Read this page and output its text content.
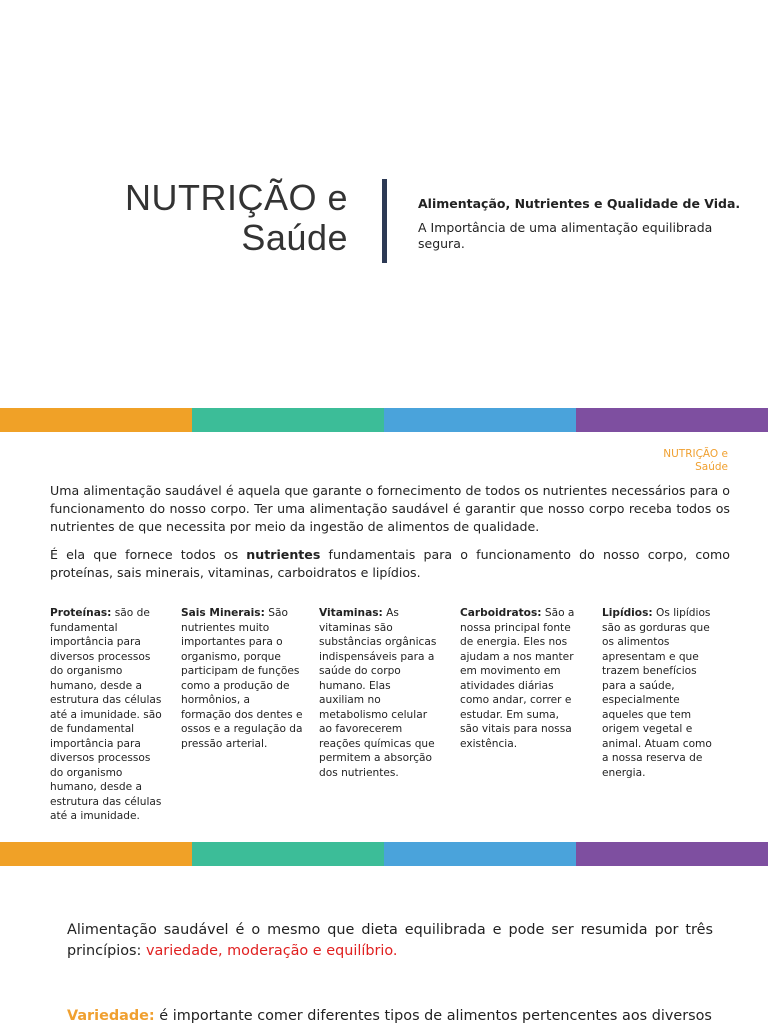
NUTRIÇÃO e
Saúde
Alimentação, Nutrientes e Qualidade de Vida.
A Importância de uma alimentação equilibrada segura.
NUTRIÇÃO e
Saúde

Uma alimentação saudável é aquela que garante o fornecimento de todos os nutrientes necessários para o funcionamento do nosso corpo. Ter uma alimentação saudável é garantir que nosso corpo receba todos os nutrientes de que necessita por meio da ingestão de alimentos de qualidade.

É ela que fornece todos os nutrientes fundamentais para o funcionamento do nosso corpo, como proteínas, sais minerais, vitaminas, carboidratos e lipídios.

Proteínas: são de fundamental importância para diversos processos do organismo humano, desde a estrutura das células até a imunidade. são de fundamental importância para diversos processos do organismo humano, desde a estrutura das células até a imunidade.
Sais Minerais: São nutrientes muito importantes para o organismo, porque participam de funções como a produção de hormônios, a formação dos dentes e ossos e a regulação da pressão arterial.
Vitaminas: As vitaminas são substâncias orgânicas indispensáveis para a saúde do corpo humano. Elas auxiliam no metabolismo celular ao favorecerem reações químicas que permitem a absorção dos nutrientes.
Carboidratos: São a nossa principal fonte de energia. Eles nos ajudam a nos manter em movimento em atividades diárias como andar, correr e estudar. Em suma, são vitais para nossa existência.
Lipídios: Os lipídios são as gorduras que os alimentos apresentam e que trazem benefícios para a saúde, especialmente aqueles que tem origem vegetal e animal. Atuam como a nossa reserva de energia.

Alimentação saudável é o mesmo que dieta equilibrada e pode ser resumida por três princípios: variedade, moderação e equilíbrio.

Variedade: é importante comer diferentes tipos de alimentos pertencentes aos diversos
